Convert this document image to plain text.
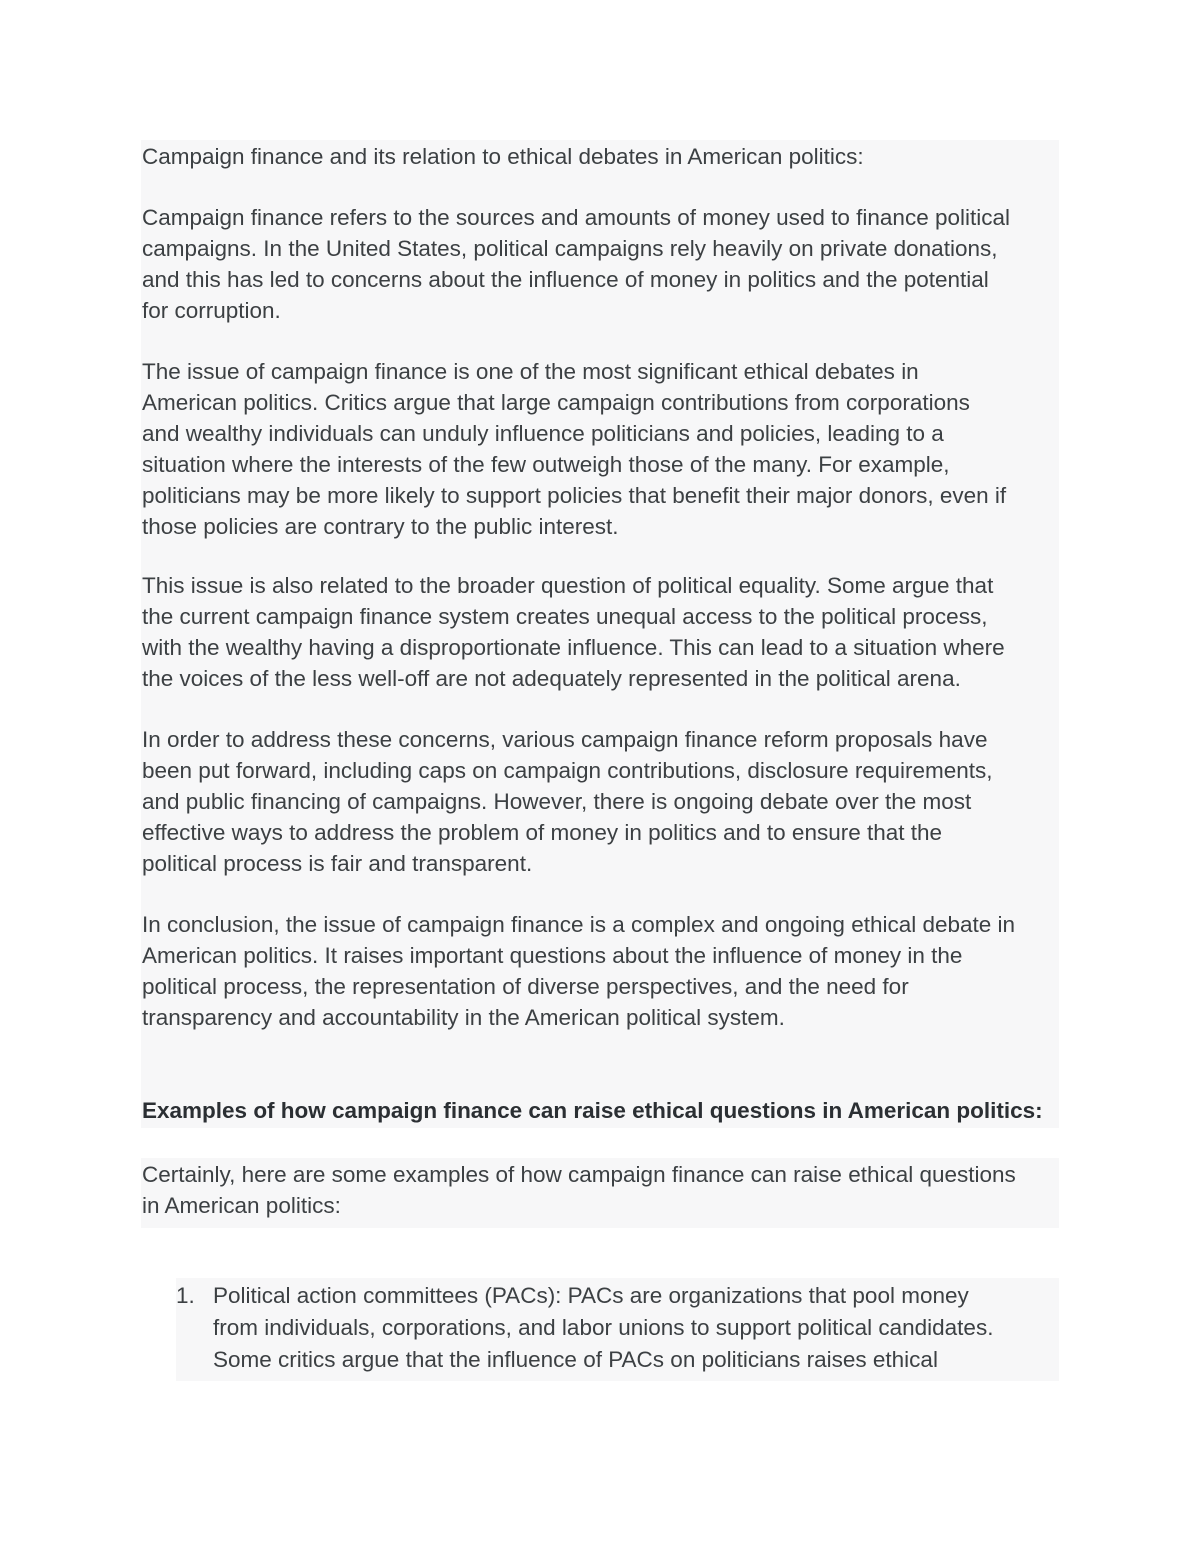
Campaign finance and its relation to ethical debates in American politics:
Campaign finance refers to the sources and amounts of money used to finance political
campaigns. In the United States, political campaigns rely heavily on private donations,
and this has led to concerns about the influence of money in politics and the potential
for corruption.
The issue of campaign finance is one of the most significant ethical debates in
American politics. Critics argue that large campaign contributions from corporations
and wealthy individuals can unduly influence politicians and policies, leading to a
situation where the interests of the few outweigh those of the many. For example,
politicians may be more likely to support policies that benefit their major donors, even if
those policies are contrary to the public interest.
This issue is also related to the broader question of political equality. Some argue that
the current campaign finance system creates unequal access to the political process,
with the wealthy having a disproportionate influence. This can lead to a situation where
the voices of the less well-off are not adequately represented in the political arena.
In order to address these concerns, various campaign finance reform proposals have
been put forward, including caps on campaign contributions, disclosure requirements,
and public financing of campaigns. However, there is ongoing debate over the most
effective ways to address the problem of money in politics and to ensure that the
political process is fair and transparent.
In conclusion, the issue of campaign finance is a complex and ongoing ethical debate in
American politics. It raises important questions about the influence of money in the
political process, the representation of diverse perspectives, and the need for
transparency and accountability in the American political system.
Examples of how campaign finance can raise ethical questions in American politics:
Certainly, here are some examples of how campaign finance can raise ethical questions
in American politics:
1. Political action committees (PACs): PACs are organizations that pool money
from individuals, corporations, and labor unions to support political candidates.
Some critics argue that the influence of PACs on politicians raises ethical
